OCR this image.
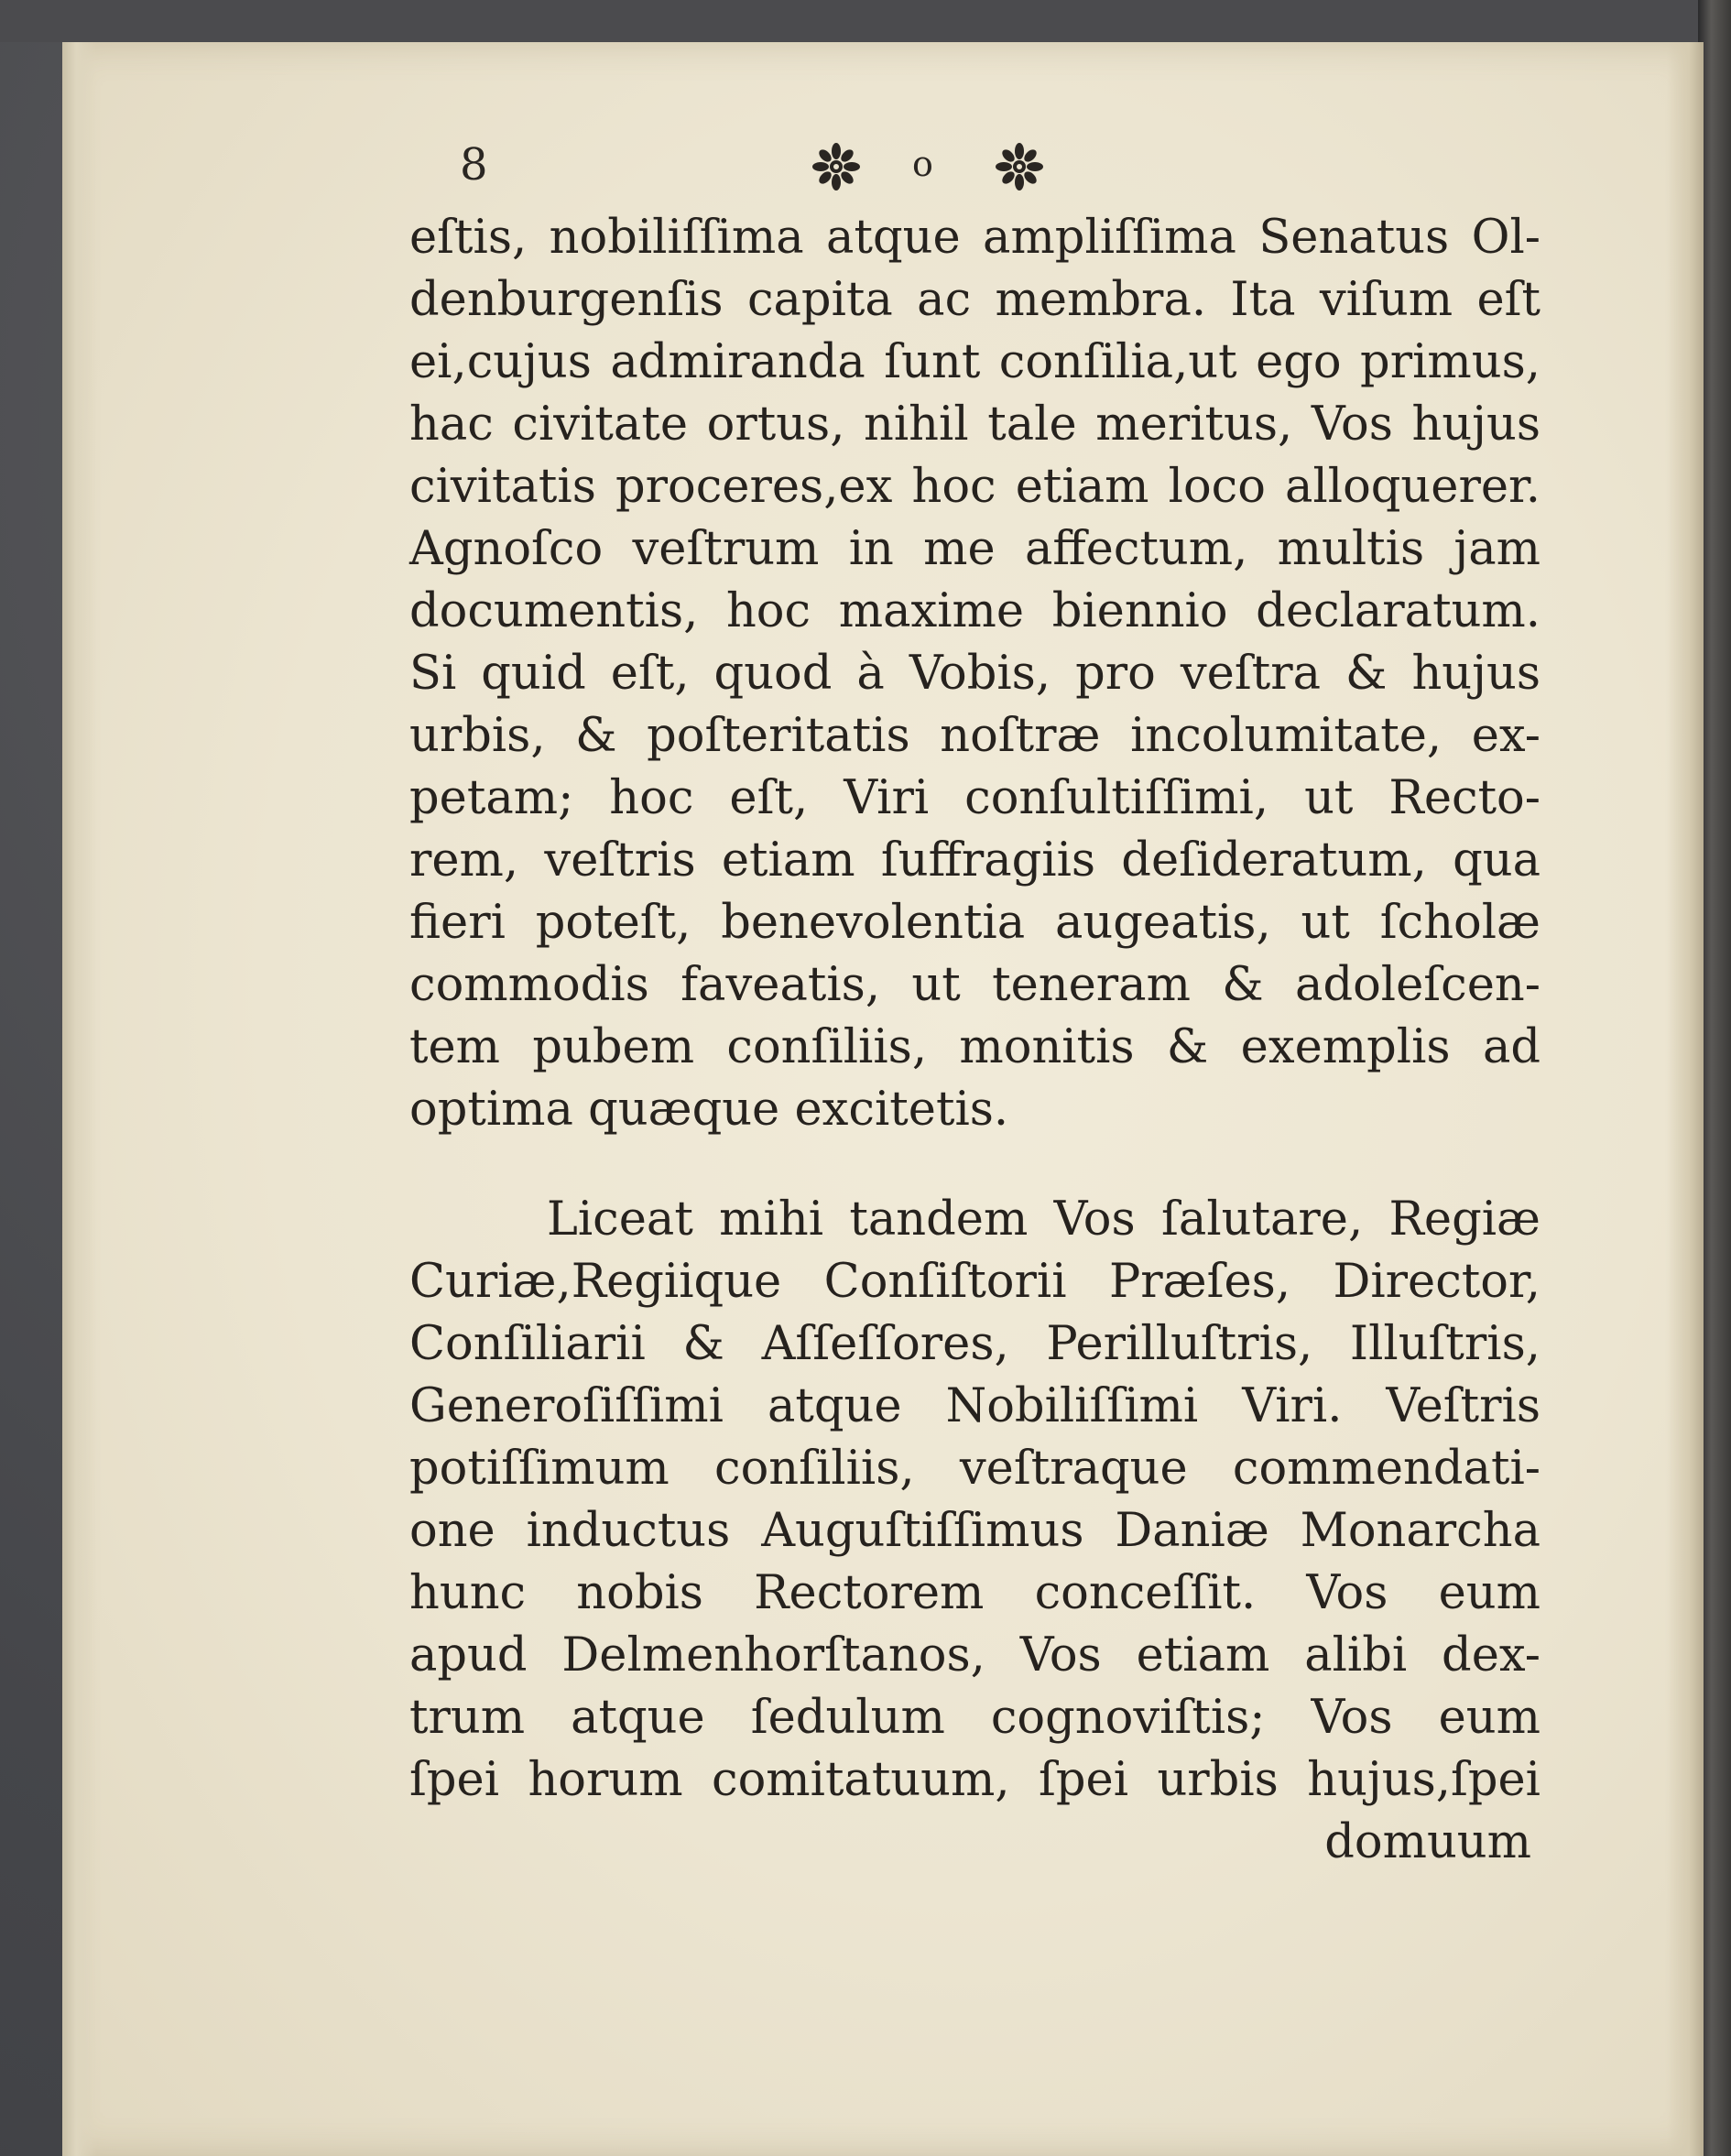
8	o
eſtis, nobiliſſima atque ampliſſima Senatus Ol-
denburgenſis capita ac membra. Ita viſum eſt
ei,cujus admiranda ſunt conſilia,ut ego primus,
hac civitate ortus, nihil tale meritus, Vos hujus
civitatis proceres,ex hoc etiam loco alloquerer.
Agnoſco veſtrum in me affectum, multis jam
documentis, hoc maxime biennio declaratum.
Si quid eſt, quod à Vobis, pro veſtra & hujus
urbis, & poſteritatis noſtræ incolumitate, ex-
petam; hoc eſt, Viri conſultiſſimi, ut Recto-
rem, veſtris etiam ſuffragiis deſideratum, qua
fieri poteſt, benevolentia augeatis, ut ſcholæ
commodis faveatis, ut teneram & adoleſcen-
tem pubem conſiliis, monitis & exemplis ad
optima quæque excitetis.
Liceat mihi tandem Vos ſalutare, Regiæ
Curiæ,Regiique Conſiſtorii Præſes, Director,
Conſiliarii & Aſſeſſores, Perilluſtris, Illuſtris,
Generoſiſſimi atque Nobiliſſimi Viri. Veſtris
potiſſimum conſiliis, veſtraque commendati-
one inductus Auguſtiſſimus Daniæ Monarcha
hunc nobis Rectorem conceſſit. Vos eum
apud Delmenhorſtanos, Vos etiam alibi dex-
trum atque ſedulum cognoviſtis; Vos eum
ſpei horum comitatuum, ſpei urbis hujus,ſpei
domuum
